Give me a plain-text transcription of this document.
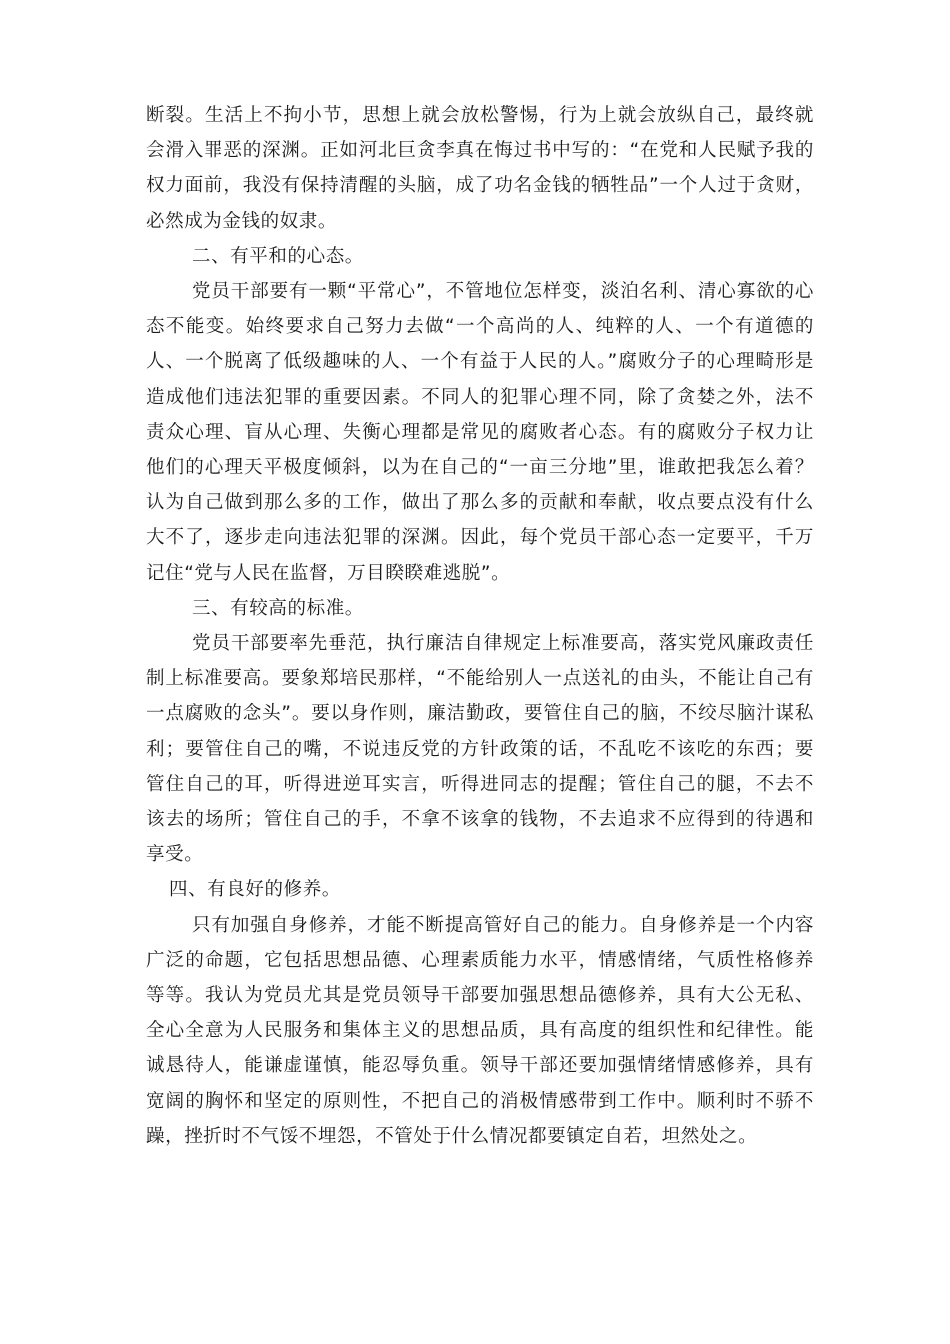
断裂。生活上不拘小节，思想上就会放松警惕，行为上就会放纵自己，最终就会滑入罪恶的深渊。正如河北巨贪李真在悔过书中写的：“在党和人民赋予我的权力面前，我没有保持清醒的头脑，成了功名金钱的牺牲品”一个人过于贪财，必然成为金钱的奴隶。

二、有平和的心态。

党员干部要有一颗“平常心”，不管地位怎样变，淡泊名利、清心寡欲的心态不能变。始终要求自己努力去做“一个高尚的人、纯粹的人、一个有道德的人、一个脱离了低级趣味的人、一个有益于人民的人。”腐败分子的心理畸形是造成他们违法犯罪的重要因素。不同人的犯罪心理不同，除了贪婪之外，法不责众心理、盲从心理、失衡心理都是常见的腐败者心态。有的腐败分子权力让他们的心理天平极度倾斜，以为在自己的“一亩三分地”里，谁敢把我怎么着？认为自己做到那么多的工作，做出了那么多的贡献和奉献，收点要点没有什么大不了，逐步走向违法犯罪的深渊。因此，每个党员干部心态一定要平，千万记住“党与人民在监督，万目睽睽难逃脱”。

三、有较高的标准。

党员干部要率先垂范，执行廉洁自律规定上标准要高，落实党风廉政责任制上标准要高。要象郑培民那样，“不能给别人一点送礼的由头，不能让自己有一点腐败的念头”。要以身作则，廉洁勤政，要管住自己的脑，不绞尽脑汁谋私利；要管住自己的嘴，不说违反党的方针政策的话，不乱吃不该吃的东西；要管住自己的耳，听得进逆耳实言，听得进同志的提醒；管住自己的腿，不去不该去的场所；管住自己的手，不拿不该拿的钱物，不去追求不应得到的待遇和享受。

四、有良好的修养。

只有加强自身修养，才能不断提高管好自己的能力。自身修养是一个内容广泛的命题，它包括思想品德、心理素质能力水平，情感情绪，气质性格修养等等。我认为党员尤其是党员领导干部要加强思想品德修养，具有大公无私、全心全意为人民服务和集体主义的思想品质，具有高度的组织性和纪律性。能诚恳待人，能谦虚谨慎，能忍辱负重。领导干部还要加强情绪情感修养，具有宽阔的胸怀和坚定的原则性，不把自己的消极情感带到工作中。顺利时不骄不躁，挫折时不气馁不埋怨，不管处于什么情况都要镇定自若，坦然处之。
